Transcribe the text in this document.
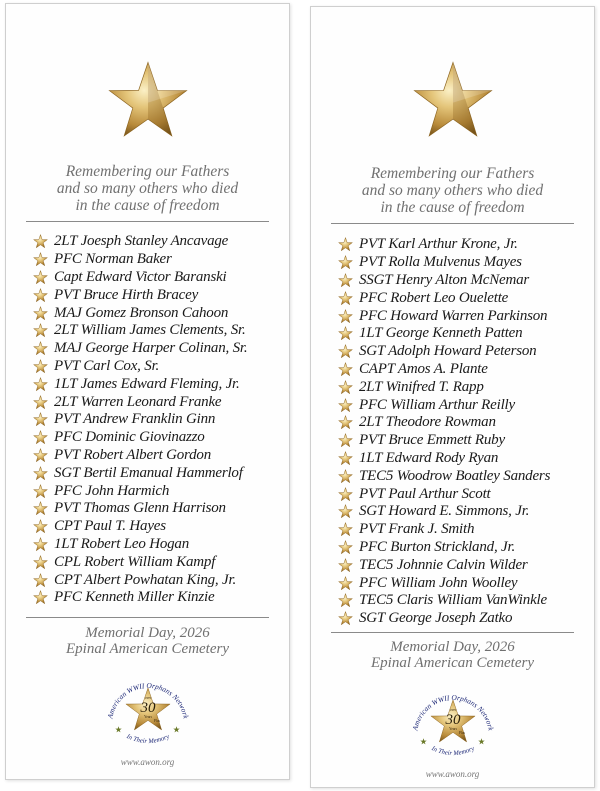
Remembering our Fathers
and so many others who died
in the cause of freedom
2LT Joesph Stanley Ancavage
PFC Norman Baker
Capt Edward Victor Baranski
PVT Bruce Hirth Bracey
MAJ Gomez Bronson Cahoon
2LT William James Clements, Sr.
MAJ George Harper Colinan, Sr.
PVT Carl Cox, Sr.
1LT James Edward Fleming, Jr.
2LT Warren Leonard Franke
PVT Andrew Franklin Ginn
PFC Dominic Giovinazzo
PVT Robert Albert Gordon
SGT Bertil Emanual Hammerlof
PFC John Harmich
PVT Thomas Glenn Harrison
CPT Paul T. Hayes
1LT Robert Leo Hogan
CPL Robert William Kampf
CPT Albert Powhatan King, Jr.
PFC Kenneth Miller Kinzie
Memorial Day, 2026
Epinal American Cemetery
American WWII Orphans Network
In Their Memory
over
30
Years
Plus
www.awon.org
Remembering our Fathers
and so many others who died
in the cause of freedom
PVT Karl Arthur Krone, Jr.
PVT Rolla Mulvenus Mayes
SSGT Henry Alton McNemar
PFC Robert Leo Ouelette
PFC Howard Warren Parkinson
1LT George Kenneth Patten
SGT Adolph Howard Peterson
CAPT Amos A. Plante
2LT Winifred T. Rapp
PFC William Arthur Reilly
2LT Theodore Rowman
PVT Bruce Emmett Ruby
1LT Edward Rody Ryan
TEC5 Woodrow Boatley Sanders
PVT Paul Arthur Scott
SGT Howard E. Simmons, Jr.
PVT Frank J. Smith
PFC Burton Strickland, Jr.
TEC5 Johnnie Calvin Wilder
PFC William John Woolley
TEC5 Claris William VanWinkle
SGT George Joseph Zatko
Memorial Day, 2026
Epinal American Cemetery
American WWII Orphans Network
In Their Memory
over
30
Years
Plus
www.awon.org
